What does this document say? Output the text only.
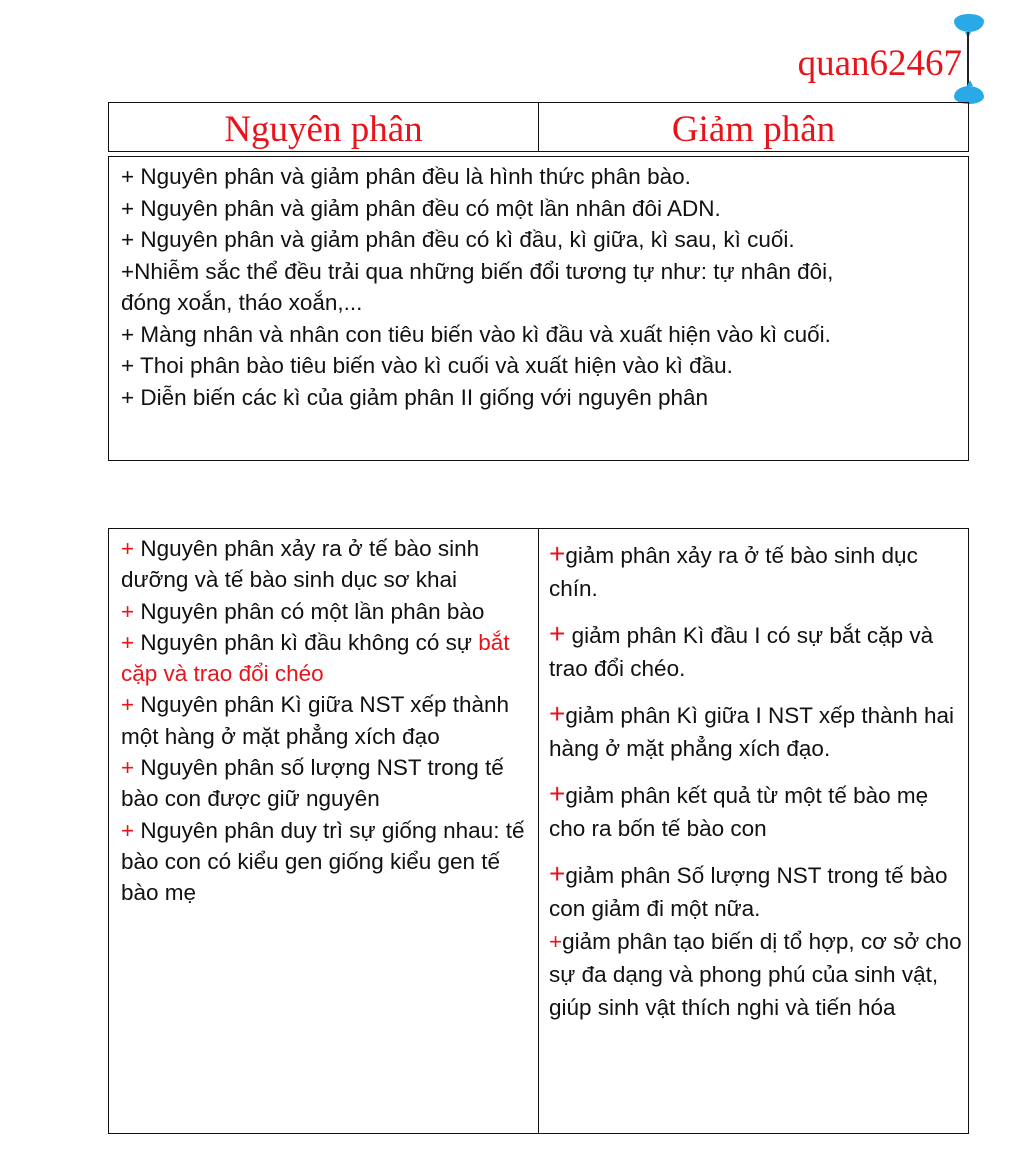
quan62467
Nguyên phân	Giảm phân
+ Nguyên phân và giảm phân đều là hình thức phân bào.
+ Nguyên phân và giảm phân đều có một lần nhân đôi ADN.
+ Nguyên phân và giảm phân đều có kì đầu, kì giữa, kì sau, kì cuối.
+Nhiễm sắc thể đều trải qua những biến đổi tương tự như: tự nhân đôi,
đóng xoắn, tháo xoắn,...
+ Màng nhân và nhân con tiêu biến vào kì đầu và xuất hiện vào kì cuối.
+ Thoi phân bào tiêu biến vào kì cuối và xuất hiện vào kì đầu.
+ Diễn biến các kì của giảm phân II giống với nguyên phân

+ Nguyên phân xảy ra ở tế bào sinh dưỡng và tế bào sinh dục sơ khai

+ Nguyên phân có một lần phân bào

+ Nguyên phân kì đầu không có sự bắt cặp và trao đổi chéo

+ Nguyên phân Kì giữa NST xếp thành một hàng ở mặt phẳng xích đạo

+ Nguyên phân số lượng NST trong tế bào con được giữ nguyên

+ Nguyên phân duy trì sự giống nhau: tế bào con có kiểu gen giống kiểu gen tế bào mẹ

+giảm phân xảy ra ở tế bào sinh dục chín.

+ giảm phân Kì đầu I có sự bắt cặp và trao đổi chéo.

+giảm phân Kì giữa I NST xếp thành hai hàng ở mặt phẳng xích đạo.

+giảm phân kết quả từ một tế bào mẹ cho ra bốn tế bào con

+giảm phân Số lượng NST trong tế bào con giảm đi một nữa.

+giảm phân tạo biến dị tổ hợp, cơ sở cho sự đa dạng và phong phú của sinh vật, giúp sinh vật thích nghi và tiến hóa
